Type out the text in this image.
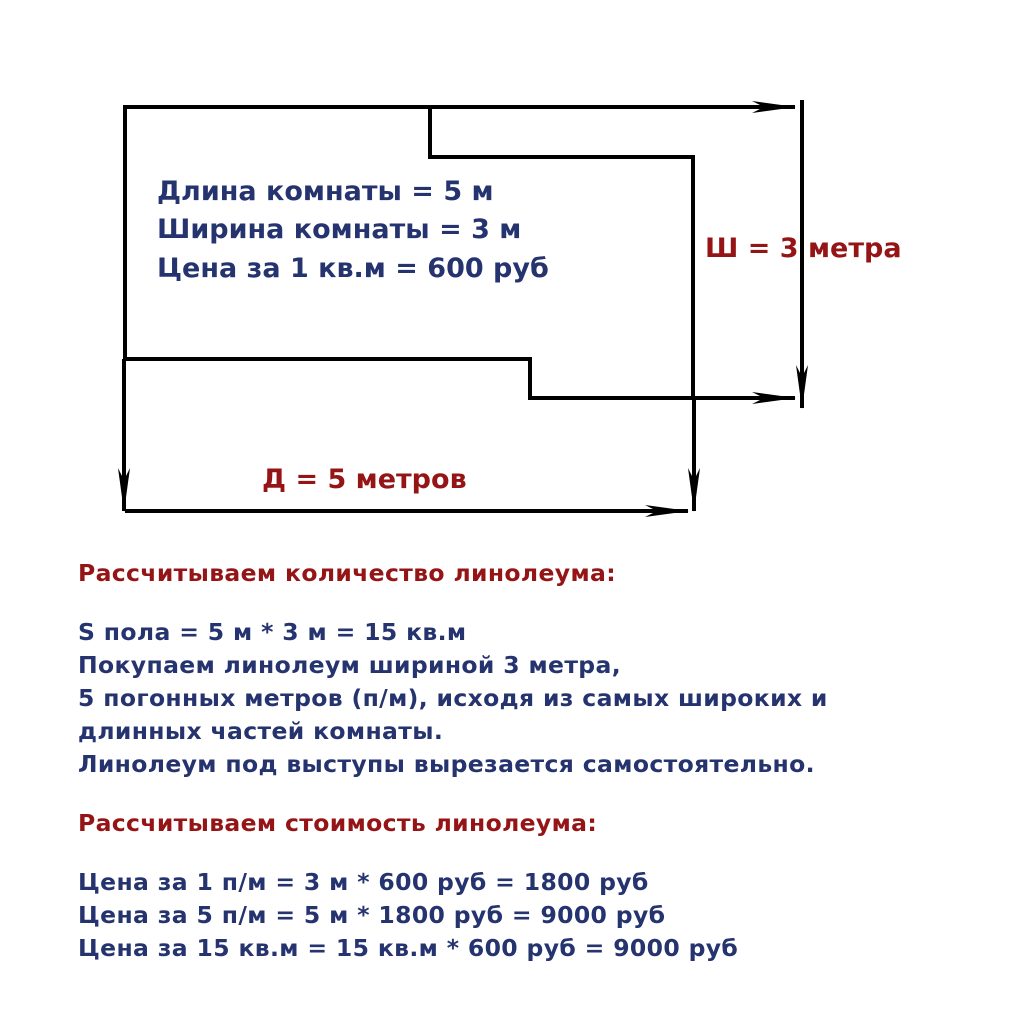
Длина комнаты = 5 м
Ширина комнаты = 3 м
Цена за 1 кв.м = 600 руб
Ш = 3 метра
Д = 5 метров
Рассчитываем количество линолеума:
S пола = 5 м * 3 м = 15 кв.м
Покупаем линолеум шириной 3 метра,
5 погонных метров (п/м), исходя из самых широких и
длинных частей комнаты.
Линолеум под выступы вырезается самостоятельно.
Рассчитываем стоимость линолеума:
Цена за 1 п/м = 3 м * 600 руб = 1800 руб
Цена за 5 п/м = 5 м * 1800 руб = 9000 руб
Цена за 15 кв.м = 15 кв.м * 600 руб = 9000 руб
